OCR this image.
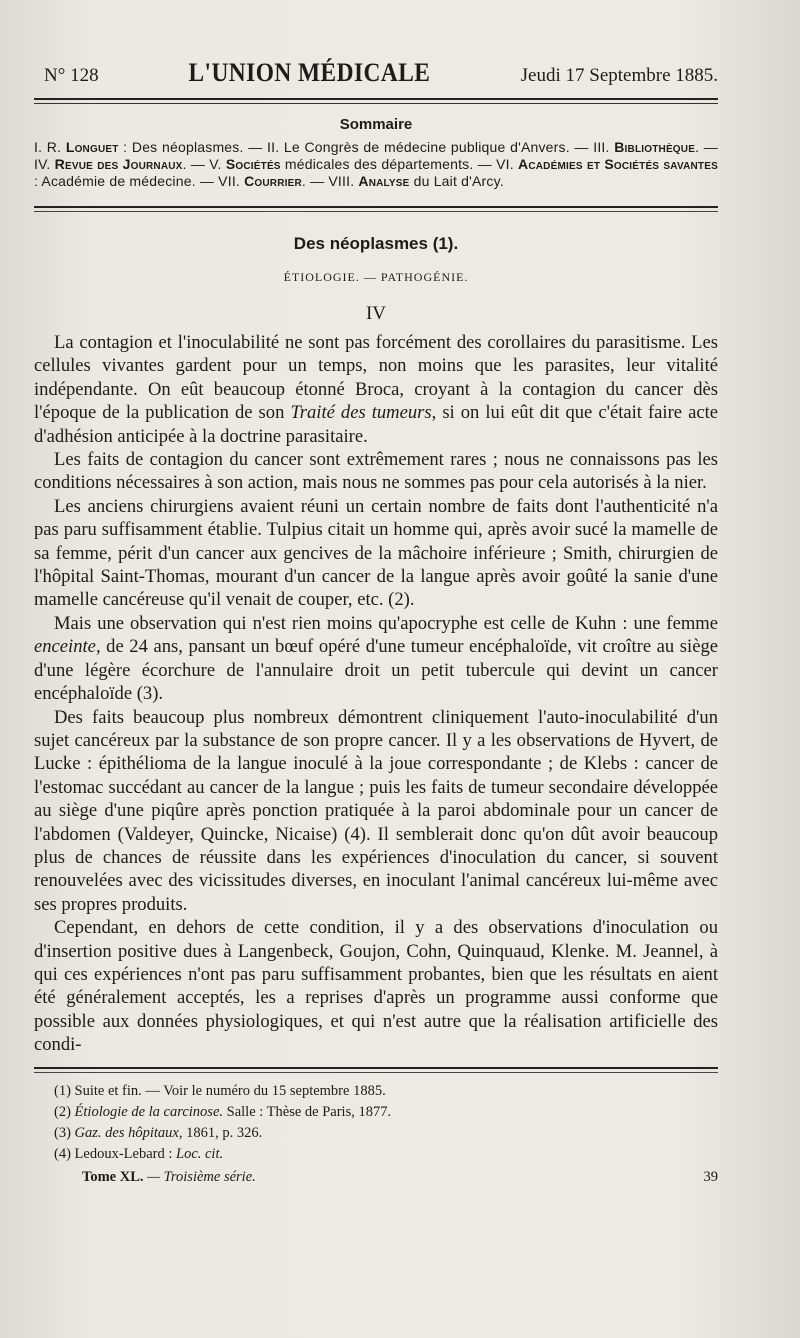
N° 128	L'UNION MÉDICALE	Jeudi 17 Septembre 1885.
Sommaire
I. R. Longuet : Des néoplasmes. — II. Le Congrès de médecine publique d'Anvers. — III. Bibliothèque. — IV. Revue des Journaux. — V. Sociétés médicales des départements. — VI. Académies et Sociétés savantes : Académie de médecine. — VII. Courrier. — VIII. Analyse du Lait d'Arcy.
Des néoplasmes (1).
ÉTIOLOGIE. — PATHOGÉNIE.
IV

La contagion et l'inoculabilité ne sont pas forcément des corollaires du parasitisme. Les cellules vivantes gardent pour un temps, non moins que les parasites, leur vitalité indépendante. On eût beaucoup étonné Broca, croyant à la contagion du cancer dès l'époque de la publication de son Traité des tumeurs, si on lui eût dit que c'était faire acte d'adhésion anticipée à la doctrine parasitaire.

Les faits de contagion du cancer sont extrêmement rares ; nous ne connaissons pas les conditions nécessaires à son action, mais nous ne sommes pas pour cela autorisés à la nier.

Les anciens chirurgiens avaient réuni un certain nombre de faits dont l'authenticité n'a pas paru suffisamment établie. Tulpius citait un homme qui, après avoir sucé la mamelle de sa femme, périt d'un cancer aux gencives de la mâchoire inférieure ; Smith, chirurgien de l'hôpital Saint-Thomas, mourant d'un cancer de la langue après avoir goûté la sanie d'une mamelle cancéreuse qu'il venait de couper, etc. (2).

Mais une observation qui n'est rien moins qu'apocryphe est celle de Kuhn : une femme enceinte, de 24 ans, pansant un bœuf opéré d'une tumeur encéphaloïde, vit croître au siège d'une légère écorchure de l'annulaire droit un petit tubercule qui devint un cancer encéphaloïde (3).

Des faits beaucoup plus nombreux démontrent cliniquement l'auto-inoculabilité d'un sujet cancéreux par la substance de son propre cancer. Il y a les observations de Hyvert, de Lucke : épithélioma de la langue inoculé à la joue correspondante ; de Klebs : cancer de l'estomac succédant au cancer de la langue ; puis les faits de tumeur secondaire développée au siège d'une piqûre après ponction pratiquée à la paroi abdominale pour un cancer de l'abdomen (Valdeyer, Quincke, Nicaise) (4). Il semblerait donc qu'on dût avoir beaucoup plus de chances de réussite dans les expériences d'inoculation du cancer, si souvent renouvelées avec des vicissitudes diverses, en inoculant l'animal cancéreux lui-même avec ses propres produits.

Cependant, en dehors de cette condition, il y a des observations d'inoculation ou d'insertion positive dues à Langenbeck, Goujon, Cohn, Quinquaud, Klenke. M. Jeannel, à qui ces expériences n'ont pas paru suffisamment probantes, bien que les résultats en aient été généralement acceptés, les a reprises d'après un programme aussi conforme que possible aux données physiologiques, et qui n'est autre que la réalisation artificielle des condi-

(1) Suite et fin. — Voir le numéro du 15 septembre 1885.
(2) Étiologie de la carcinose. Salle : Thèse de Paris, 1877.
(3) Gaz. des hôpitaux, 1861, p. 326.
(4) Ledoux-Lebard : Loc. cit.
Tome XL. — Troisième série.	39
